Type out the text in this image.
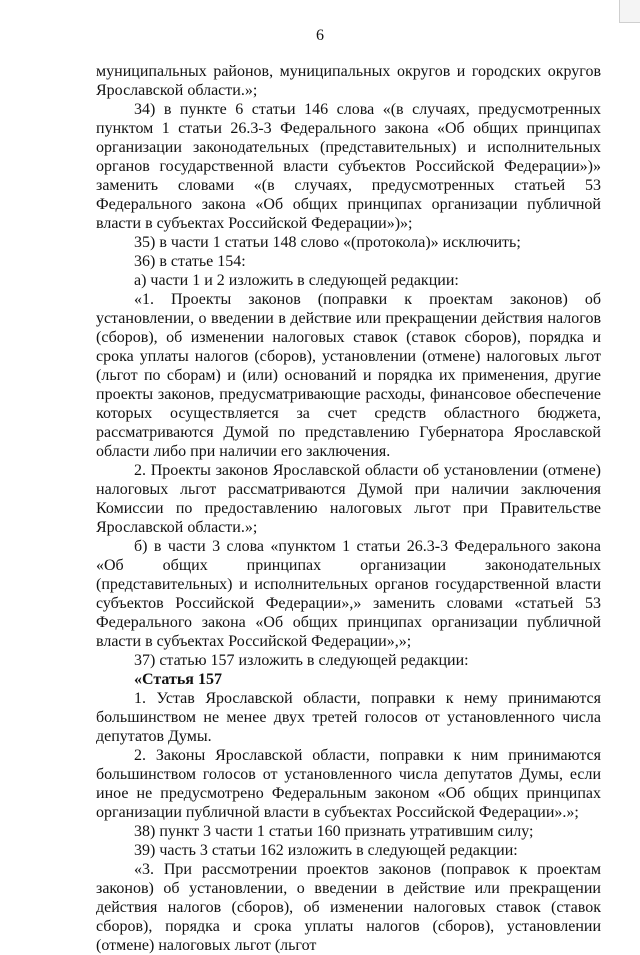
6

муниципальных районов, муниципальных округов и городских округов Ярославской области.»;

34) в пункте 6 статьи 146 слова «(в случаях, предусмотренных пунктом 1 статьи 26.3-3 Федерального закона «Об общих принципах организации законодательных (представительных) и исполнительных органов государственной власти субъектов Российской Федерации»)» заменить словами «(в случаях, предусмотренных статьей 53 Федерального закона «Об общих принципах организации публичной власти в субъектах Российской Федерации»)»;

35) в части 1 статьи 148 слово «(протокола)» исключить;

36) в статье 154:

а) части 1 и 2 изложить в следующей редакции:

«1. Проекты законов (поправки к проектам законов) об установлении, о введении в действие или прекращении действия налогов (сборов), об изменении налоговых ставок (ставок сборов), порядка и срока уплаты налогов (сборов), установлении (отмене) налоговых льгот (льгот по сборам) и (или) оснований и порядка их применения, другие проекты законов, предусматривающие расходы, финансовое обеспечение которых осуществляется за счет средств областного бюджета, рассматриваются Думой по представлению Губернатора Ярославской области либо при наличии его заключения.

2. Проекты законов Ярославской области об установлении (отмене) налоговых льгот рассматриваются Думой при наличии заключения Комиссии по предоставлению налоговых льгот при Правительстве Ярославской области.»;

б) в части 3 слова «пунктом 1 статьи 26.3-3 Федерального закона «Об общих принципах организации законодательных (представительных) и исполнительных органов государственной власти субъектов Российской Федерации»,» заменить словами «статьей 53 Федерального закона «Об общих принципах организации публичной власти в субъектах Российской Федерации»,»;

37) статью 157 изложить в следующей редакции:

«Статья 157

1. Устав Ярославской области, поправки к нему принимаются большинством не менее двух третей голосов от установленного числа депутатов Думы.

2. Законы Ярославской области, поправки к ним принимаются большинством голосов от установленного числа депутатов Думы, если иное не предусмотрено Федеральным законом «Об общих принципах организации публичной власти в субъектах Российской Федерации».»;

38) пункт 3 части 1 статьи 160 признать утратившим силу;

39) часть 3 статьи 162 изложить в следующей редакции:

«3. При рассмотрении проектов законов (поправок к проектам законов) об установлении, о введении в действие или прекращении действия налогов (сборов), об изменении налоговых ставок (ставок сборов), порядка и срока уплаты налогов (сборов), установлении (отмене) налоговых льгот (льгот
